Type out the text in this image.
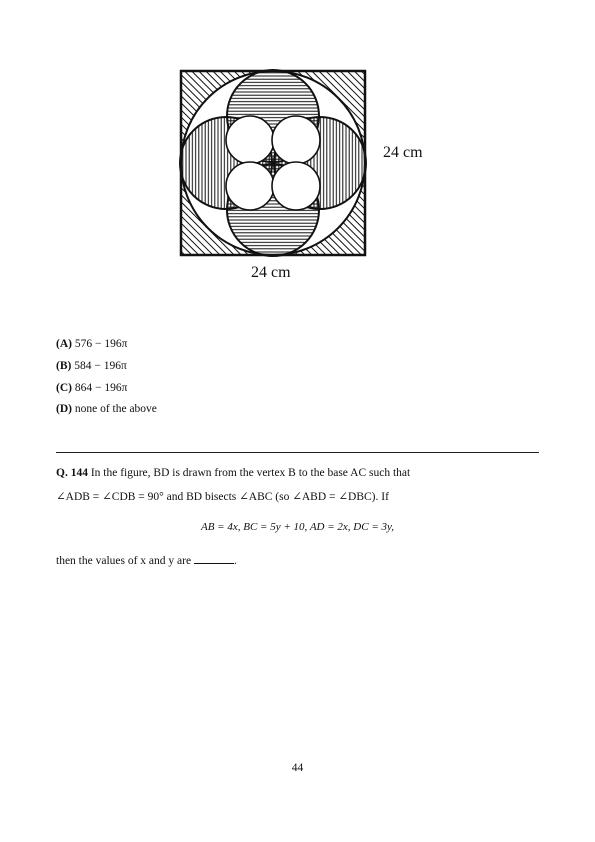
24 cm
24 cm
(A) 576 − 196π
(B) 584 − 196π
(C) 864 − 196π
(D) none of the above
Q. 144 In the figure, BD is drawn from the vertex B to the base AC such that
∠ADB = ∠CDB = 90° and BD bisects ∠ABC (so ∠ABD = ∠DBC). If
AB = 4x, BC = 5y + 10, AD = 2x, DC = 3y,
then the values of x and y are	.
44
